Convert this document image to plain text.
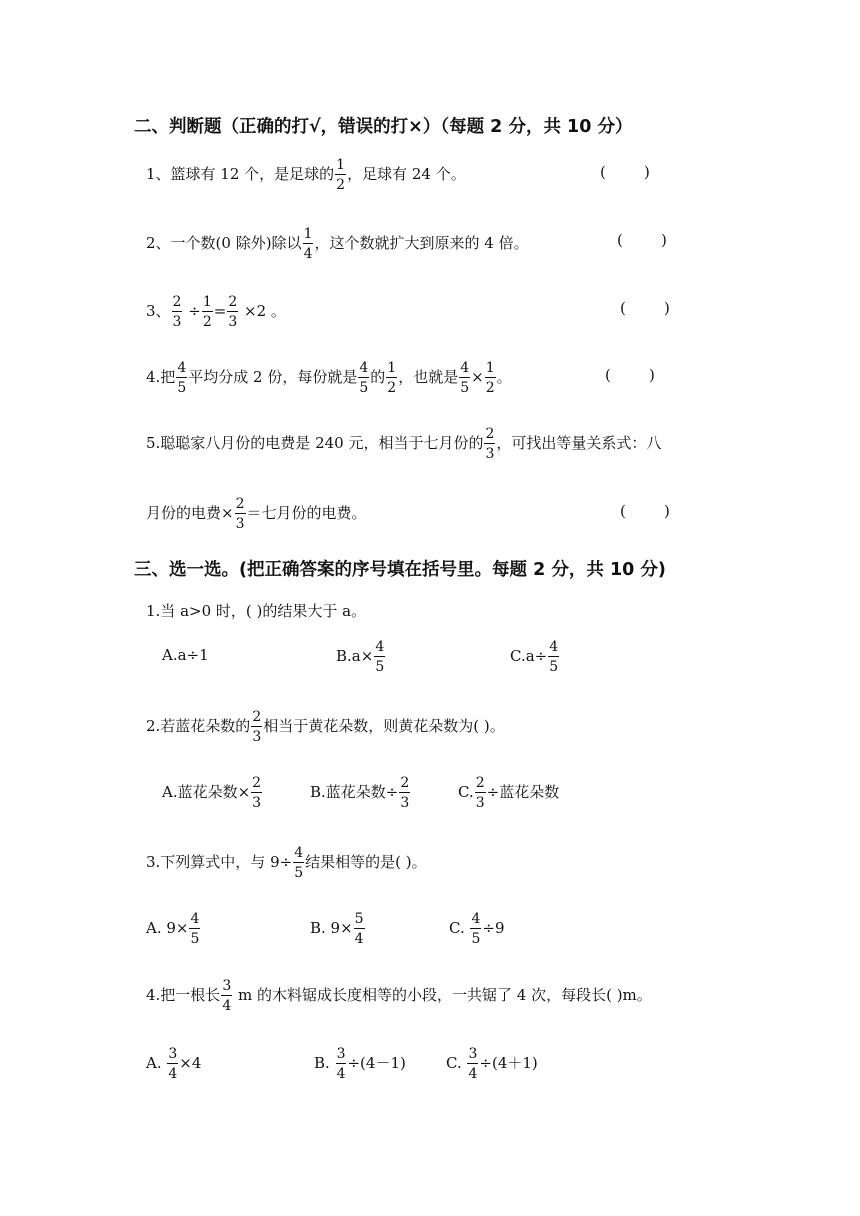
二、判断题（正确的打√，错误的打×）（每题 2 分，共 10 分）
1、篮球有 12 个，是足球的 $\frac{1}{2}$ ，足球有 24 个。	(        )
2、一个数(0 除外)除以 $\frac{1}{4}$ ，这个数就扩大到原来的 4 倍。	(        )
3、 $\frac{2}{3} \div \frac{1}{2} = \frac{2}{3} \times 2$ 。	(        )
4.把 $\frac{4}{5}$ 平均分成 2 份，每份就是 $\frac{4}{5}$ 的 $\frac{1}{2}$ ，也就是 $\frac{4}{5} \times \frac{1}{2}$ 。	(        )
5.聪聪家八月份的电费是 240 元，相当于七月份的 $\frac{2}{3}$ ，可找出等量关系式：八
月份的电费× $\frac{2}{3}$ ＝七月份的电费。	(        )
三、选一选。(把正确答案的序号填在括号里。每题 2 分，共 10 分)
1.当 a>0 时，( )的结果大于 a。
A.a÷1	$B.a\times \frac{4}{5}$	$C.a\div \frac{4}{5}$
2.若蓝花朵数的 $\frac{2}{3}$ 相当于黄花朵数，则黄花朵数为( )。
A.蓝花朵数× $\frac{2}{3}$	B.蓝花朵数÷ $\frac{2}{3}$	C. $\frac{2}{3}$ ÷蓝花朵数
3.下列算式中，与 $9\div \frac{4}{5}$ 结果相等的是( )。
A. $9\times \frac{4}{5}$	B. $9\times \frac{5}{4}$	C. $\frac{4}{5} \div 9$
4.把一根长 $\frac{3}{4}$ m 的木料锯成长度相等的小段，一共锯了 4 次，每段长( )m。
A. $\frac{3}{4} \times 4$	B. $\frac{3}{4} \div(4-1)$	C. $\frac{3}{4} \div(4+1)$
